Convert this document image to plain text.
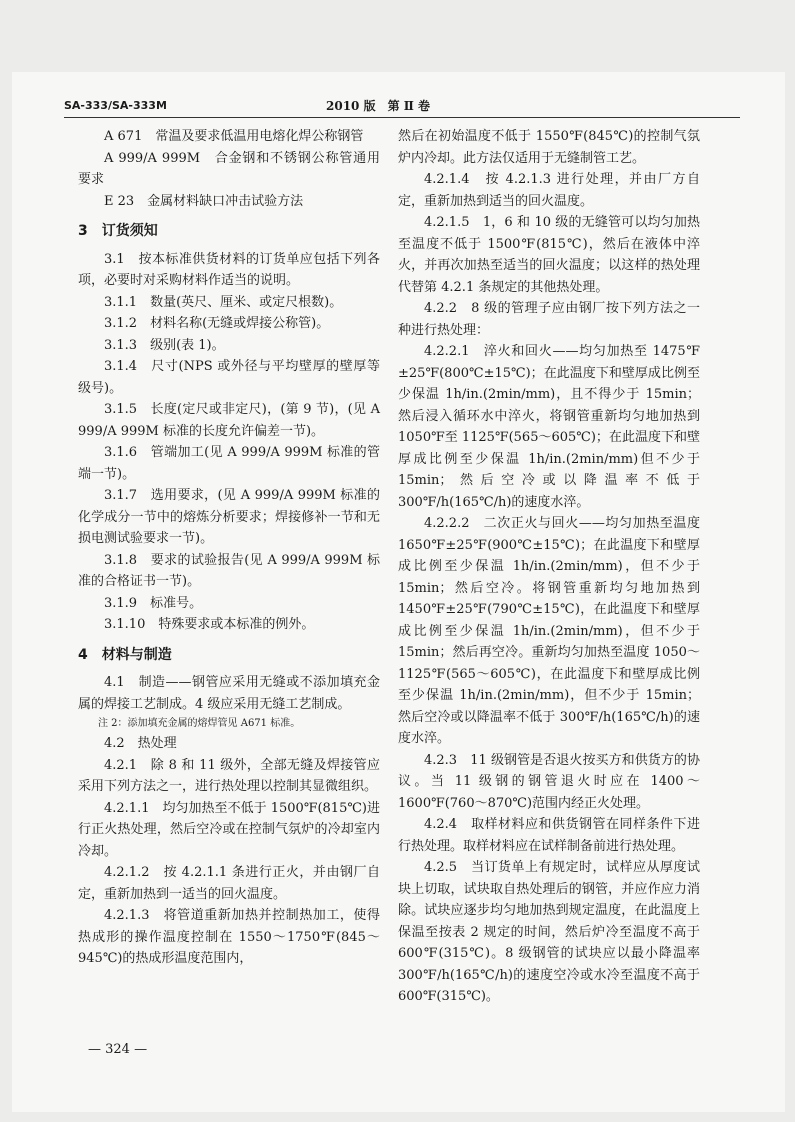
SA-333/SA-333M	2010 版　第 Ⅱ 卷

A 671　常温及要求低温用电熔化焊公称钢管

A 999/A 999M　合金钢和不锈钢公称管通用要求

E 23　金属材料缺口冲击试验方法

3　订货须知

3.1　按本标准供货材料的订货单应包括下列各项，必要时对采购材料作适当的说明。

3.1.1　数量(英尺、厘米、或定尺根数)。

3.1.2　材料名称(无缝或焊接公称管)。

3.1.3　级别(表 1)。

3.1.4　尺寸(NPS 或外径与平均壁厚的壁厚等级号)。

3.1.5　长度(定尺或非定尺)，(第 9 节)，(见 A 999/A 999M 标准的长度允许偏差一节)。

3.1.6　管端加工(见 A 999/A 999M 标准的管端一节)。

3.1.7　选用要求，(见 A 999/A 999M 标准的化学成分一节中的熔炼分析要求；焊接修补一节和无损电测试验要求一节)。

3.1.8　要求的试验报告(见 A 999/A 999M 标准的合格证书一节)。

3.1.9　标准号。

3.1.10　特殊要求或本标准的例外。

4　材料与制造

4.1　制造——钢管应采用无缝或不添加填充金属的焊接工艺制成。4 级应采用无缝工艺制成。

注 2：添加填充金属的熔焊管见 A671 标准。

4.2　热处理

4.2.1　除 8 和 11 级外，全部无缝及焊接管应采用下列方法之一，进行热处理以控制其显微组织。

4.2.1.1　均匀加热至不低于 1500℉(815℃)进行正火热处理，然后空冷或在控制气氛炉的冷却室内冷却。

4.2.1.2　按 4.2.1.1 条进行正火，并由钢厂自定，重新加热到一适当的回火温度。

4.2.1.3　将管道重新加热并控制热加工，使得热成形的操作温度控制在 1550～1750℉(845～945℃)的热成形温度范围内，

然后在初始温度不低于 1550℉(845℃)的控制气氛炉内冷却。此方法仅适用于无缝制管工艺。

4.2.1.4　按 4.2.1.3 进行处理，并由厂方自定，重新加热到适当的回火温度。

4.2.1.5　1，6 和 10 级的无缝管可以均匀加热至温度不低于 1500℉(815℃)，然后在液体中淬火，并再次加热至适当的回火温度；以这样的热处理代替第 4.2.1 条规定的其他热处理。

4.2.2　8 级的管理子应由钢厂按下列方法之一种进行热处理：

4.2.2.1　淬火和回火——均匀加热至 1475℉±25℉(800℃±15℃)；在此温度下和壁厚成比例至少保温 1h/in.(2min/mm)，且不得少于 15min；然后浸入循环水中淬火，将钢管重新均匀地加热到 1050℉至 1125℉(565～605℃)；在此温度下和壁厚成比例至少保温 1h/in.(2min/mm)但不少于 15min；然后空冷或以降温率不低于 300℉/h(165℃/h)的速度水淬。

4.2.2.2　二次正火与回火——均匀加热至温度 1650℉±25℉(900℃±15℃)；在此温度下和壁厚成比例至少保温 1h/in.(2min/mm)，但不少于 15min；然后空冷。将钢管重新均匀地加热到 1450℉±25℉(790℃±15℃)，在此温度下和壁厚成比例至少保温 1h/in.(2min/mm)，但不少于 15min；然后再空冷。重新均匀加热至温度 1050～1125℉(565～605℃)，在此温度下和壁厚成比例至少保温 1h/in.(2min/mm)，但不少于 15min；然后空冷或以降温率不低于 300℉/h(165℃/h)的速度水淬。

4.2.3　11 级钢管是否退火按买方和供货方的协议。当 11 级钢的钢管退火时应在 1400～1600℉(760～870℃)范围内经正火处理。

4.2.4　取样材料应和供货钢管在同样条件下进行热处理。取样材料应在试样制备前进行热处理。

4.2.5　当订货单上有规定时，试样应从厚度试块上切取，试块取自热处理后的钢管，并应作应力消除。试块应逐步均匀地加热到规定温度，在此温度上保温至按表 2 规定的时间，然后炉冷至温度不高于 600℉(315℃)。8 级钢管的试块应以最小降温率 300℉/h(165℃/h)的速度空冷或水冷至温度不高于 600℉(315℃)。

— 324 —
